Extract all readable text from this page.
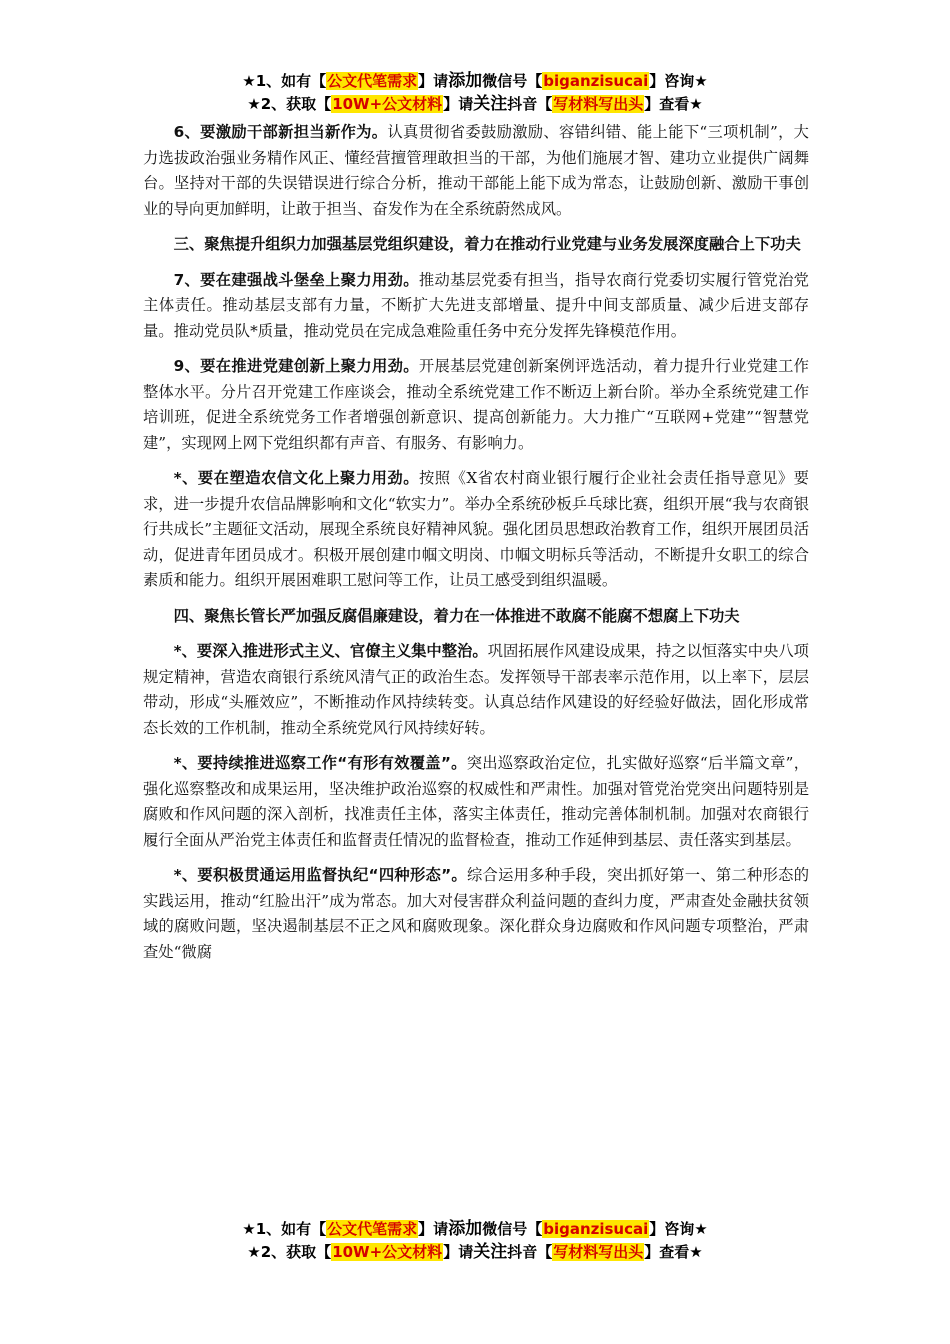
★1、如有【公文代笔需求】请添加微信号【biganzisucai】咨询★
★2、获取【10W+公文材料】请关注抖音【写材料写出头】查看★

6、要激励干部新担当新作为。认真贯彻省委鼓励激励、容错纠错、能上能下“三项机制”，大力选拔政治强业务精作风正、懂经营擅管理敢担当的干部，为他们施展才智、建功立业提供广阔舞台。坚持对干部的失误错误进行综合分析，推动干部能上能下成为常态，让鼓励创新、激励干事创业的导向更加鲜明，让敢于担当、奋发作为在全系统蔚然成风。

三、聚焦提升组织力加强基层党组织建设，着力在推动行业党建与业务发展深度融合上下功夫

7、要在建强战斗堡垒上聚力用劲。推动基层党委有担当，指导农商行党委切实履行管党治党主体责任。推动基层支部有力量，不断扩大先进支部增量、提升中间支部质量、减少后进支部存量。推动党员队*质量，推动党员在完成急难险重任务中充分发挥先锋模范作用。

9、要在推进党建创新上聚力用劲。开展基层党建创新案例评选活动，着力提升行业党建工作整体水平。分片召开党建工作座谈会，推动全系统党建工作不断迈上新台阶。举办全系统党建工作培训班，促进全系统党务工作者增强创新意识、提高创新能力。大力推广“互联网+党建”“智慧党建”，实现网上网下党组织都有声音、有服务、有影响力。

*、要在塑造农信文化上聚力用劲。按照《X省农村商业银行履行企业社会责任指导意见》要求，进一步提升农信品牌影响和文化“软实力”。举办全系统砂板乒乓球比赛，组织开展“我与农商银行共成长”主题征文活动，展现全系统良好精神风貌。强化团员思想政治教育工作，组织开展团员活动，促进青年团员成才。积极开展创建巾帼文明岗、巾帼文明标兵等活动，不断提升女职工的综合素质和能力。组织开展困难职工慰问等工作，让员工感受到组织温暖。

四、聚焦长管长严加强反腐倡廉建设，着力在一体推进不敢腐不能腐不想腐上下功夫

*、要深入推进形式主义、官僚主义集中整治。巩固拓展作风建设成果，持之以恒落实中央八项规定精神，营造农商银行系统风清气正的政治生态。发挥领导干部表率示范作用，以上率下，层层带动，形成“头雁效应”，不断推动作风持续转变。认真总结作风建设的好经验好做法，固化形成常态长效的工作机制，推动全系统党风行风持续好转。

*、要持续推进巡察工作“有形有效覆盖”。突出巡察政治定位，扎实做好巡察“后半篇文章”，强化巡察整改和成果运用，坚决维护政治巡察的权威性和严肃性。加强对管党治党突出问题特别是腐败和作风问题的深入剖析，找准责任主体，落实主体责任，推动完善体制机制。加强对农商银行履行全面从严治党主体责任和监督责任情况的监督检查，推动工作延伸到基层、责任落实到基层。

*、要积极贯通运用监督执纪“四种形态”。综合运用多种手段，突出抓好第一、第二种形态的实践运用，推动“红脸出汗”成为常态。加大对侵害群众利益问题的查纠力度，严肃查处金融扶贫领域的腐败问题，坚决遏制基层不正之风和腐败现象。深化群众身边腐败和作风问题专项整治，严肃查处“微腐

★1、如有【公文代笔需求】请添加微信号【biganzisucai】咨询★
★2、获取【10W+公文材料】请关注抖音【写材料写出头】查看★
